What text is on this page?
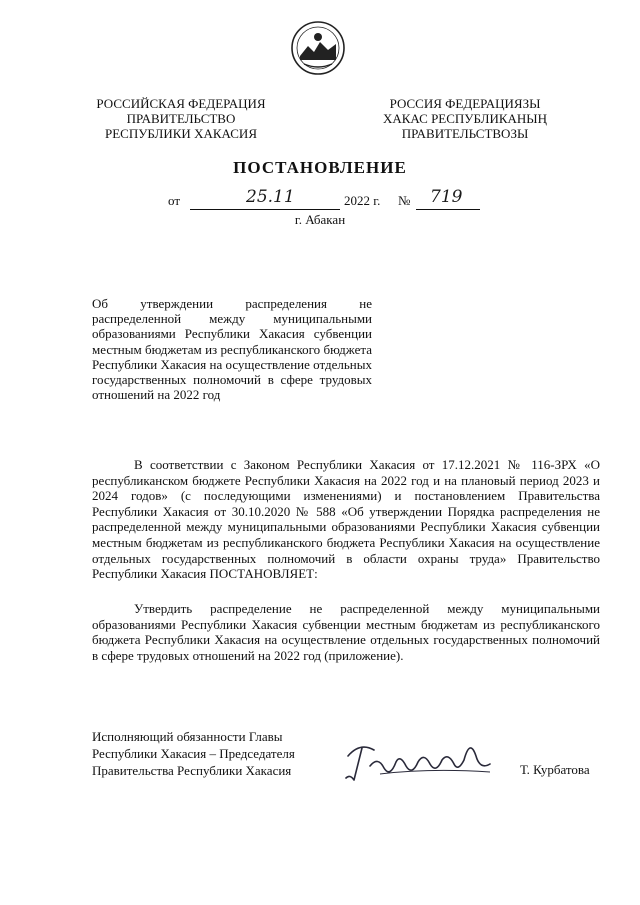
РОССИЙСКАЯ ФЕДЕРАЦИЯ
ПРАВИТЕЛЬСТВО
РЕСПУБЛИКИ ХАКАСИЯ
РОССИЯ ФЕДЕРАЦИЯЗЫ
ХАКАС РЕСПУБЛИКАНЫҢ
ПРАВИТЕЛЬСТВОЗЫ
ПОСТАНОВЛЕНИЕ
от	25.11	2022 г. № 719
г. Абакан
Об утверждении распределения не распределенной между муниципальными образованиями Республики Хакасия субвенции местным бюджетам из республиканского бюджета Республики Хакасия на осуществление отдельных государственных полномочий в сфере трудовых отношений на 2022 год
В соответствии с Законом Республики Хакасия от 17.12.2021 № 116-ЗРХ «О республиканском бюджете Республики Хакасия на 2022 год и на плановый период 2023 и 2024 годов» (с последующими изменениями) и постановлением Правительства Республики Хакасия от 30.10.2020 № 588 «Об утверждении Порядка распределения не распределенной между муниципальными образованиями Республики Хакасия субвенции местным бюджетам из республиканского бюджета Республики Хакасия на осуществление отдельных государственных полномочий в области охраны труда» Правительство Республики Хакасия ПОСТАНОВЛЯЕТ:
Утвердить распределение не распределенной между муниципальными образованиями Республики Хакасия субвенции местным бюджетам из республиканского бюджета Республики Хакасия на осуществление отдельных государственных полномочий в сфере трудовых отношений на 2022 год (приложение).
Исполняющий обязанности Главы
Республики Хакасия – Председателя
Правительства Республики Хакасия	Т. Курбатова
